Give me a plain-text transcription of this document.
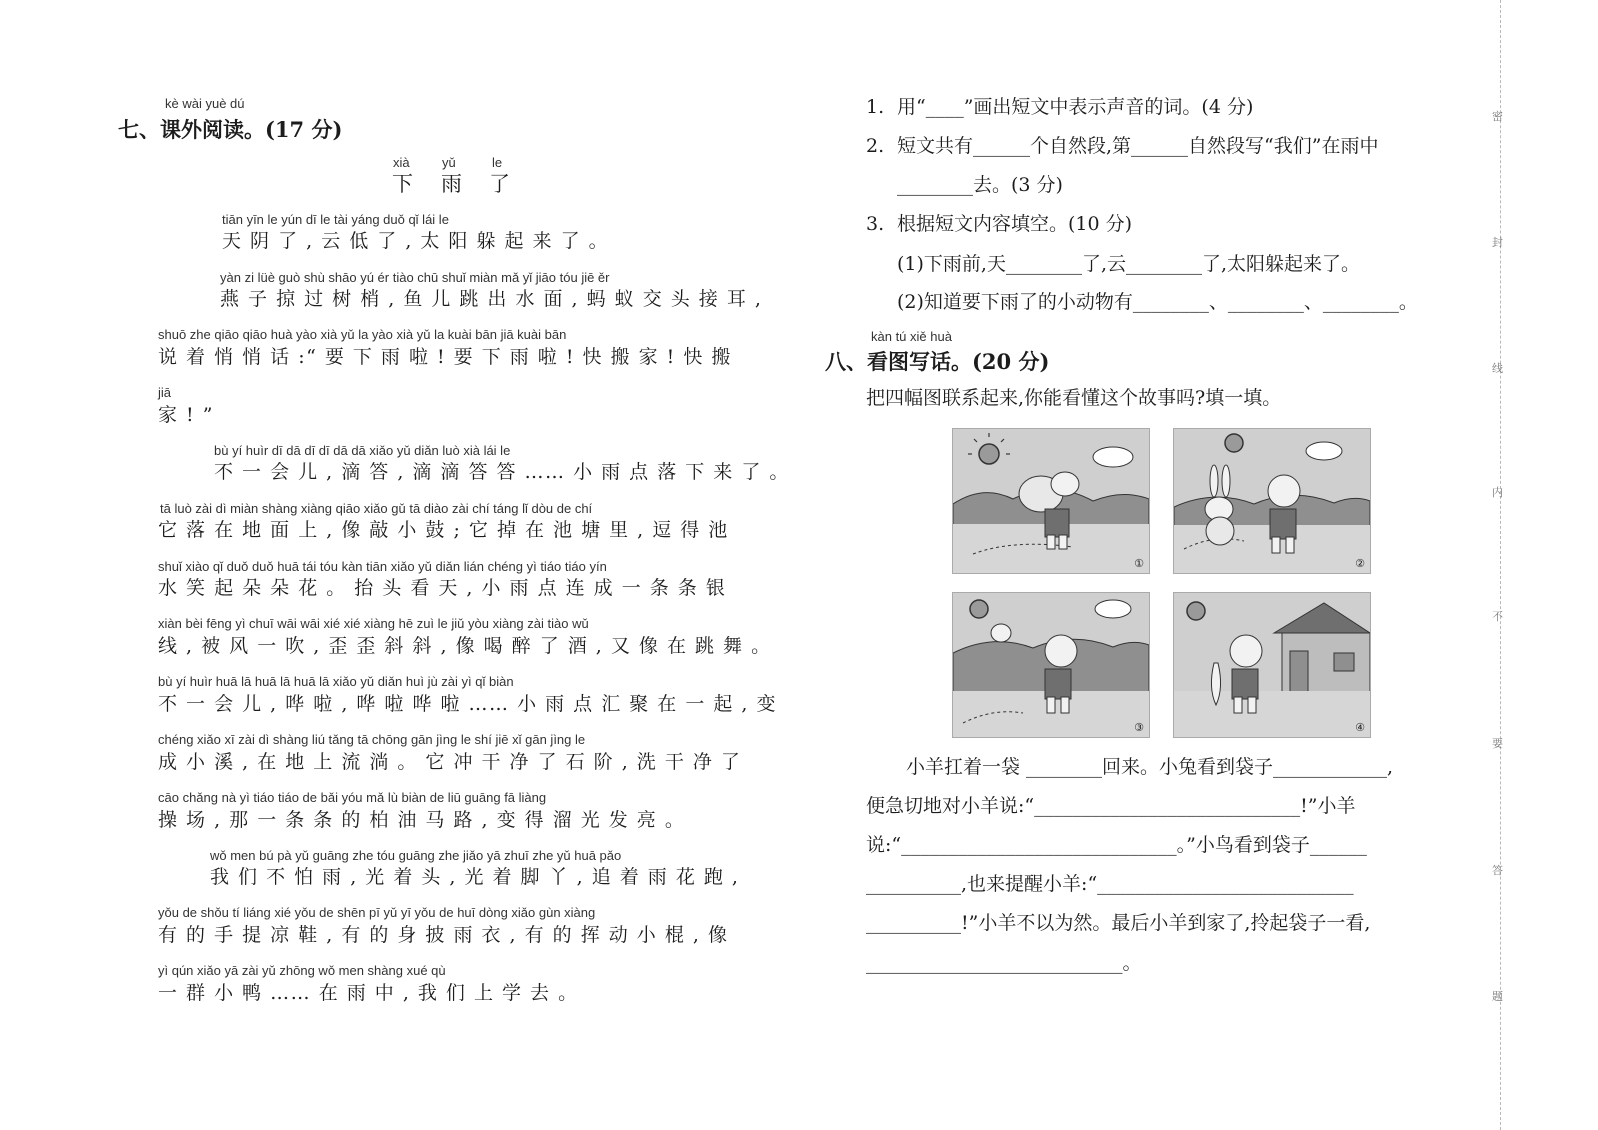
kè wài yuè dú
七、课外阅读。(17 分)
xià yǔ	le
下 雨 了
tiān yīn le yún dī le tài yáng duǒ qǐ lái le
天 阴 了 , 云 低 了 , 太 阳 躲 起 来 了 。
yàn zi lüè guò shù shāo yú ér tiào chū shuǐ miàn mǎ yǐ jiāo tóu jiē ěr
燕 子 掠 过 树 梢 , 鱼 儿 跳 出 水 面 , 蚂 蚁 交 头 接 耳 ,
shuō zhe qiāo qiāo huà yào xià yǔ la yào xià yǔ la kuài bān jiā kuài bān
说 着 悄 悄 话 :“ 要 下 雨 啦 ! 要 下 雨 啦 ! 快 搬 家 ! 快 搬
jiā
家 ! ”
bù yí huìr dī dā dī dī dā dā xiǎo yǔ diǎn luò xià lái le
不 一 会 儿 , 滴 答 , 滴 滴 答 答 …… 小 雨 点 落 下 来 了 。
tā luò zài dì miàn shàng xiàng qiāo xiǎo gǔ tā diào zài chí táng lǐ dòu de chí
它 落 在 地 面 上 , 像 敲 小 鼓 ; 它 掉 在 池 塘 里 , 逗 得 池
shuǐ xiào qǐ duǒ duǒ huā tái tóu kàn tiān xiǎo yǔ diǎn lián chéng yì tiáo tiáo yín
水 笑 起 朵 朵 花 。 抬 头 看 天 , 小 雨 点 连 成 一 条 条 银
xiàn bèi fēng yì chuī wāi wāi xié xié xiàng hē zuì le jiǔ yòu xiàng zài tiào wǔ
线 , 被 风 一 吹 , 歪 歪 斜 斜 , 像 喝 醉 了 酒 , 又 像 在 跳 舞 。
bù yí huìr huā lā huā lā huā lā xiǎo yǔ diǎn huì jù zài yì qǐ biàn
不 一 会 儿 , 哗 啦 , 哗 啦 哗 啦 …… 小 雨 点 汇 聚 在 一 起 , 变
chéng xiǎo xī zài dì shàng liú tǎng tā chōng gān jìng le shí jiē xǐ gān jìng le
成 小 溪 , 在 地 上 流 淌 。 它 冲 干 净 了 石 阶 , 洗 干 净 了
cāo chǎng nà yì tiáo tiáo de bǎi yóu mǎ lù biàn de liū guāng fā liàng
操 场 , 那 一 条 条 的 柏 油 马 路 , 变 得 溜 光 发 亮 。
wǒ men bú pà yǔ guāng zhe tóu guāng zhe jiǎo yā zhuī zhe yǔ huā pǎo
我 们 不 怕 雨 , 光 着 头 , 光 着 脚 丫 , 追 着 雨 花 跑 ,
yǒu de shǒu tí liáng xié yǒu de shēn pī yǔ yī yǒu de huī dòng xiǎo gùn xiàng
有 的 手 提 凉 鞋 , 有 的 身 披 雨 衣 , 有 的 挥 动 小 棍 , 像
yì qún xiǎo yā zài yǔ zhōng wǒ men shàng xué qù
一 群 小 鸭 …… 在 雨 中 , 我 们 上 学 去 。
1. 用“____”画出短文中表示声音的词。(4 分)
2. 短文共有______个自然段,第______自然段写“我们”在雨中
________去。(3 分)
3. 根据短文内容填空。(10 分)
(1)下雨前,天________了,云________了,太阳躲起来了。
(2)知道要下雨了的小动物有________、________、________。
kàn tú xiě huà
八、看图写话。(20 分)
把四幅图联系起来,你能看懂这个故事吗?填一填。
①	②
③	④
小羊扛着一袋 ________回来。小兔看到袋子____________,
便急切地对小羊说:“____________________________!”小羊
说:“_____________________________。”小鸟看到袋子______
__________,也来提醒小羊:“___________________________
__________!”小羊不以为然。最后小羊到家了,拎起袋子一看,
___________________________。
密
封
线
内
不
要
答
题
